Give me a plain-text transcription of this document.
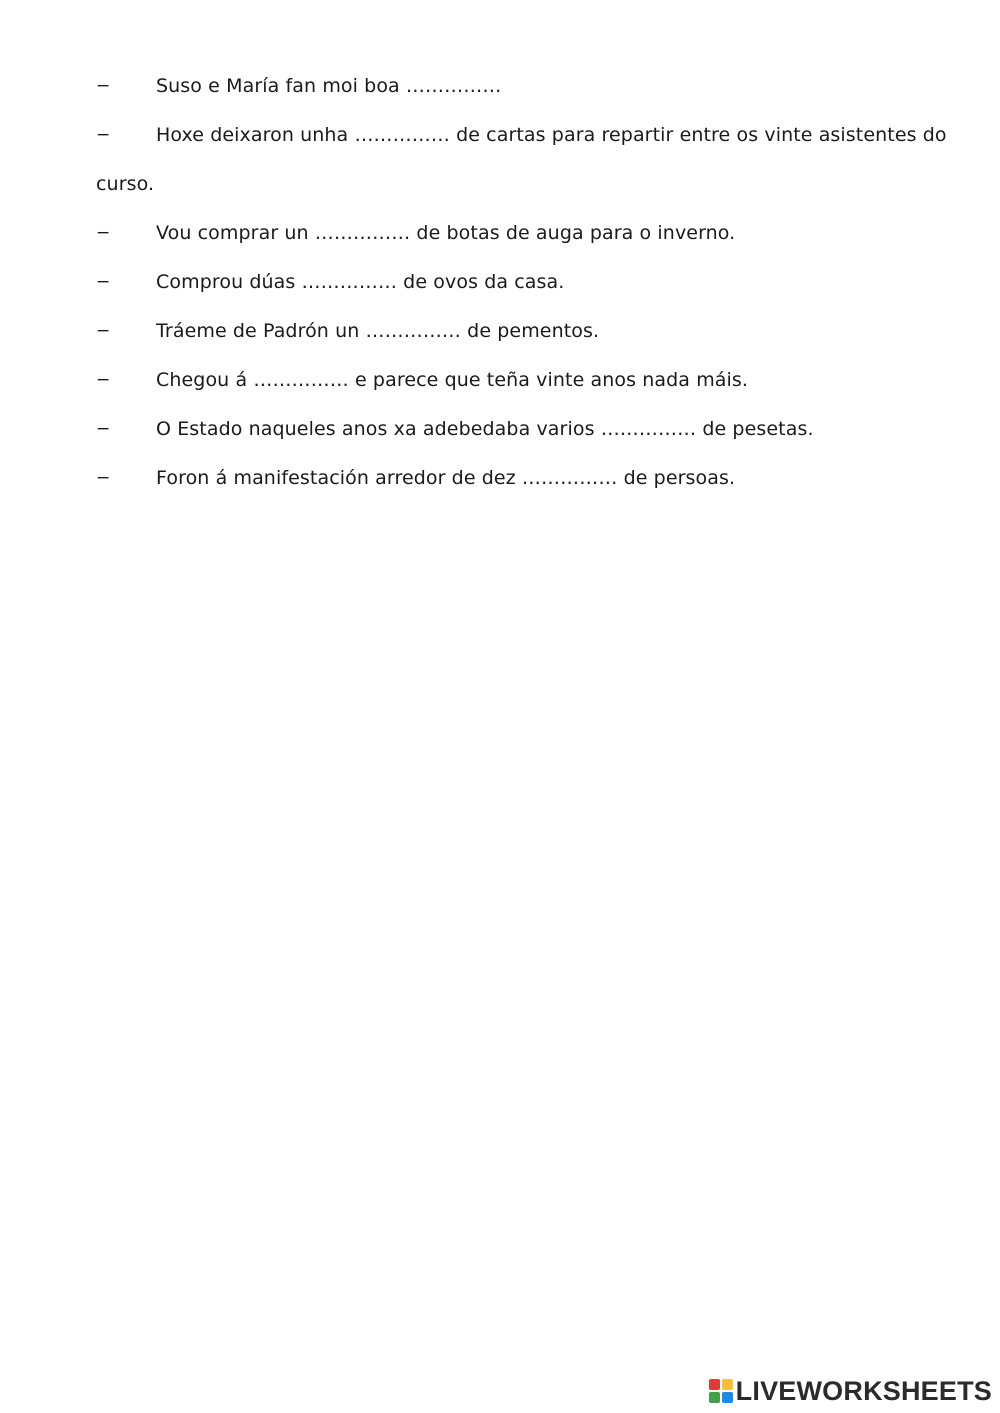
−	Suso e María fan moi boa ……………
−	Hoxe deixaron unha …………… de cartas para repartir entre os vinte asistentes do
curso.
−	Vou comprar un …………… de botas de auga para o inverno.
−	Comprou dúas …………… de ovos da casa.
−	Tráeme de Padrón un …………… de pementos.
−	Chegou á …………… e parece que teña vinte anos nada máis.
−	O Estado naqueles anos xa adebedaba varios …………… de pesetas.
−	Foron á manifestación arredor de dez …………… de persoas.
LIVEWORKSHEETS
